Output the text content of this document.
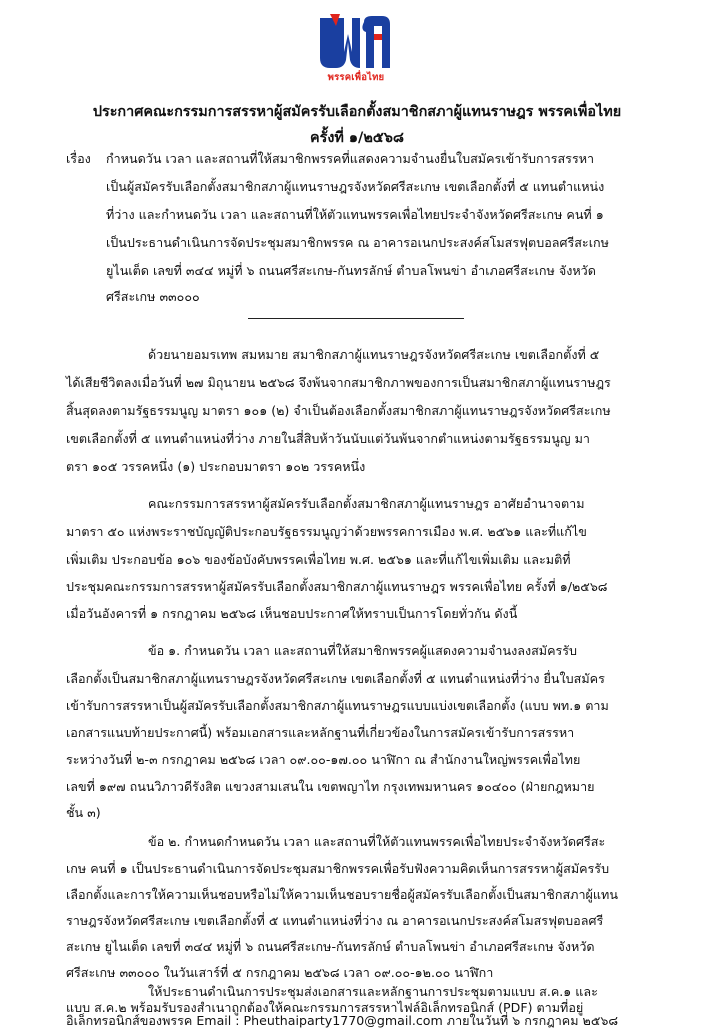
พรรคเพื่อไทย
ประกาศคณะกรรมการสรรหาผู้สมัครรับเลือกตั้งสมาชิกสภาผู้แทนราษฎร พรรคเพื่อไทย
ครั้งที่ ๑/๒๕๖๘
เรื่อง กำหนดวัน เวลา และสถานที่ให้สมาชิกพรรคที่แสดงความจำนงยื่นใบสมัครเข้ารับการสรรหา
เป็นผู้สมัครรับเลือกตั้งสมาชิกสภาผู้แทนราษฎรจังหวัดศรีสะเกษ เขตเลือกตั้งที่ ๕ แทนตำแหน่ง
ที่ว่าง และกำหนดวัน เวลา และสถานที่ให้ตัวแทนพรรคเพื่อไทยประจำจังหวัดศรีสะเกษ คนที่ ๑
เป็นประธานดำเนินการจัดประชุมสมาชิกพรรค ณ อาคารอเนกประสงค์สโมสรฟุตบอลศรีสะเกษ
ยูไนเต็ด เลขที่ ๓๔๔ หมู่ที่ ๖ ถนนศรีสะเกษ-กันทรลักษ์ ตำบลโพนข่า อำเภอศรีสะเกษ จังหวัด
ศรีสะเกษ ๓๓๐๐๐
ด้วยนายอมรเทพ สมหมาย สมาชิกสภาผู้แทนราษฎรจังหวัดศรีสะเกษ เขตเลือกตั้งที่ ๕
ได้เสียชีวิตลงเมื่อวันที่ ๒๗ มิถุนายน ๒๕๖๘ จึงพ้นจากสมาชิกภาพของการเป็นสมาชิกสภาผู้แทนราษฎร
สิ้นสุดลงตามรัฐธรรมนูญ มาตรา ๑๐๑ (๒) จำเป็นต้องเลือกตั้งสมาชิกสภาผู้แทนราษฎรจังหวัดศรีสะเกษ
เขตเลือกตั้งที่ ๕ แทนตำแหน่งที่ว่าง ภายในสี่สิบห้าวันนับแต่วันพ้นจากตำแหน่งตามรัฐธรรมนูญ มา
ตรา ๑๐๕ วรรคหนึ่ง (๑) ประกอบมาตรา ๑๐๒ วรรคหนึ่ง
คณะกรรมการสรรหาผู้สมัครรับเลือกตั้งสมาชิกสภาผู้แทนราษฎร อาศัยอำนาจตาม
มาตรา ๕๐ แห่งพระราชบัญญัติประกอบรัฐธรรมนูญว่าด้วยพรรคการเมือง พ.ศ. ๒๕๖๑ และที่แก้ไข
เพิ่มเติม ประกอบข้อ ๑๐๖ ของข้อบังคับพรรคเพื่อไทย พ.ศ. ๒๕๖๑ และที่แก้ไขเพิ่มเติม และมติที่
ประชุมคณะกรรมการสรรหาผู้สมัครรับเลือกตั้งสมาชิกสภาผู้แทนราษฎร พรรคเพื่อไทย ครั้งที่ ๑/๒๕๖๘
เมื่อวันอังคารที่ ๑ กรกฎาคม ๒๕๖๘ เห็นชอบประกาศให้ทราบเป็นการโดยทั่วกัน ดังนี้
ข้อ ๑. กำหนดวัน เวลา และสถานที่ให้สมาชิกพรรคผู้แสดงความจำนงลงสมัครรับ
เลือกตั้งเป็นสมาชิกสภาผู้แทนราษฎรจังหวัดศรีสะเกษ เขตเลือกตั้งที่ ๕ แทนตำแหน่งที่ว่าง ยื่นใบสมัคร
เข้ารับการสรรหาเป็นผู้สมัครรับเลือกตั้งสมาชิกสภาผู้แทนราษฎรแบบแบ่งเขตเลือกตั้ง (แบบ พท.๑ ตาม
เอกสารแนบท้ายประกาศนี้) พร้อมเอกสารและหลักฐานที่เกี่ยวข้องในการสมัครเข้ารับการสรรหา
ระหว่างวันที่ ๒-๓ กรกฎาคม ๒๕๖๘ เวลา ๐๙.๐๐-๑๗.๐๐ นาฬิกา ณ สำนักงานใหญ่พรรคเพื่อไทย
เลขที่ ๑๙๗ ถนนวิภาวดีรังสิต แขวงสามเสนใน เขตพญาไท กรุงเทพมหานคร ๑๐๔๐๐ (ฝ่ายกฎหมาย
ชั้น ๓)
ข้อ ๒. กำหนดกำหนดวัน เวลา และสถานที่ให้ตัวแทนพรรคเพื่อไทยประจำจังหวัดศรีสะ
เกษ คนที่ ๑ เป็นประธานดำเนินการจัดประชุมสมาชิกพรรคเพื่อรับฟังความคิดเห็นการสรรหาผู้สมัครรับ
เลือกตั้งและการให้ความเห็นชอบหรือไม่ให้ความเห็นชอบรายชื่อผู้สมัครรับเลือกตั้งเป็นสมาชิกสภาผู้แทน
ราษฎรจังหวัดศรีสะเกษ เขตเลือกตั้งที่ ๕ แทนตำแหน่งที่ว่าง ณ อาคารอเนกประสงค์สโมสรฟุตบอลศรี
สะเกษ ยูไนเต็ด เลขที่ ๓๔๔ หมู่ที่ ๖ ถนนศรีสะเกษ-กันทรลักษ์ ตำบลโพนข่า อำเภอศรีสะเกษ จังหวัด
ศรีสะเกษ ๓๓๐๐๐ ในวันเสาร์ที่ ๕ กรกฎาคม ๒๕๖๘ เวลา ๐๙.๐๐-๑๒.๐๐ นาฬิกา
ให้ประธานดำเนินการประชุมส่งเอกสารและหลักฐานการประชุมตามแบบ ส.ค.๑ และ
แบบ ส.ค.๒ พร้อมรับรองสำเนาถูกต้องให้คณะกรรมการสรรหาไฟล์อิเล็กทรอนิกส์ (PDF) ตามที่อยู่
อิเล็กทรอนิกส์ของพรรค Email : Pheuthaiparty1770@gmail.com ภายในวันที่ ๖ กรกฎาคม ๒๕๖๘
